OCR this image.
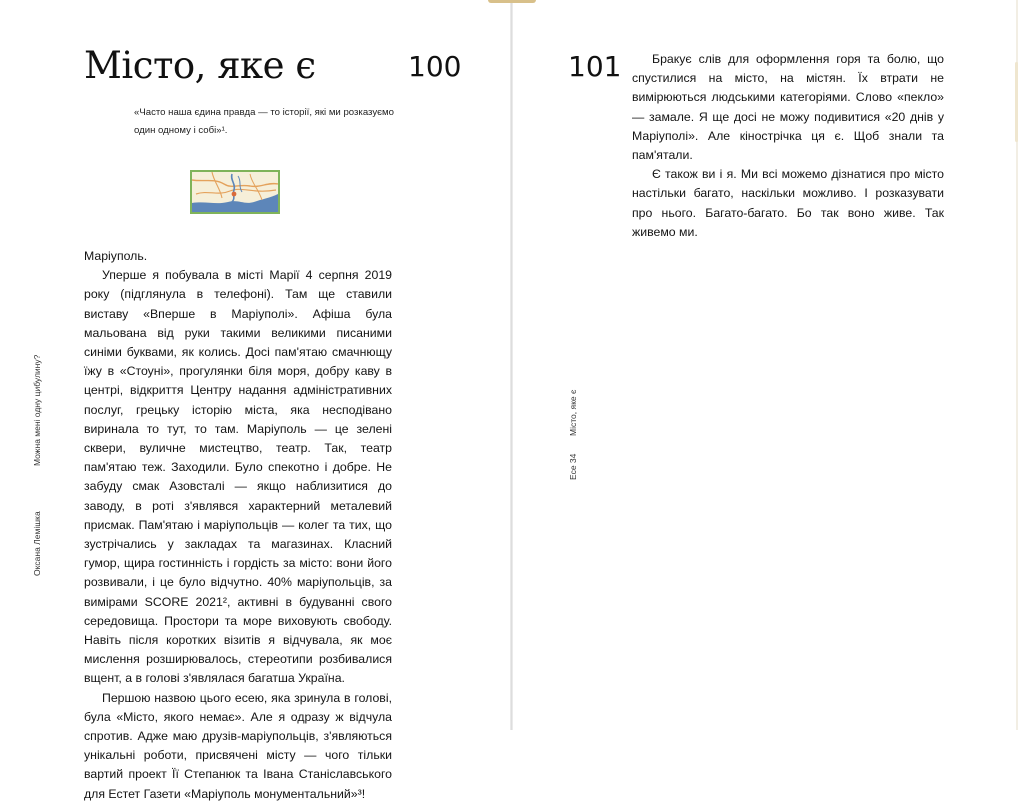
Місто, яке є	100

«Часто наша єдина правда — то історії, які ми розказуємо один одному і собі»¹.

Маріуполь.

Уперше я побувала в місті Марії 4 серпня 2019 року (підглянула в телефоні). Там ще ставили виставу «Вперше в Маріуполі». Афіша була мальована від руки такими великими писаними синіми буквами, як колись. Досі пам'ятаю смачнющу їжу в «Стоуні», прогулянки біля моря, добру каву в центрі, відкриття Центру надання адміністративних послуг, грецьку історію міста, яка несподівано виринала то тут, то там. Маріуполь — це зелені сквери, вуличне мистецтво, театр. Так, театр пам'ятаю теж. Заходили. Було спекотно і добре. Не забуду смак Азовсталі — якщо наблизитися до заводу, в роті з'являвся характерний металевий присмак. Пам'ятаю і маріупольців — колег та тих, що зустрічались у закладах та магазинах. Класний гумор, щира гостинність і гордість за місто: вони його розвивали, і це було відчутно. 40% маріупольців, за вимірами SCORE 2021², активні в будуванні свого середовища. Простори та море виховують свободу. Навіть після коротких візитів я відчувала, як моє мислення розширювалось, стереотипи розбивалися вщент, а в голові з'являлася багатша Україна.

Першою назвою цього есею, яка зринула в голові, була «Місто, якого немає». Але я одразу ж відчула спротив. Адже маю друзів-маріупольців, з'являються унікальні роботи, присвячені місту — чого тільки вартий проект Її Степанюк та Івана Станіславського для Естет Газети «Маріуполь монументальний»³!

Оксана Лемішка
Можна мені одну цибулину?
101	Бракує слів для оформлення горя та болю, що спустилися на місто, на містян. Їх втрати не вимірюються людськими категоріями. Слово «пекло» — замале. Я ще досі не можу подивитися «20 днів у Маріуполі». Але кінострічка ця є. Щоб знали та пам'ятали.

Є також ви і я. Ми всі можемо дізнатися про місто настільки багато, наскільки можливо. І розказувати про нього. Багато-багато. Бо так воно живе. Так живемо ми.

Есе 34
Місто, яке є
